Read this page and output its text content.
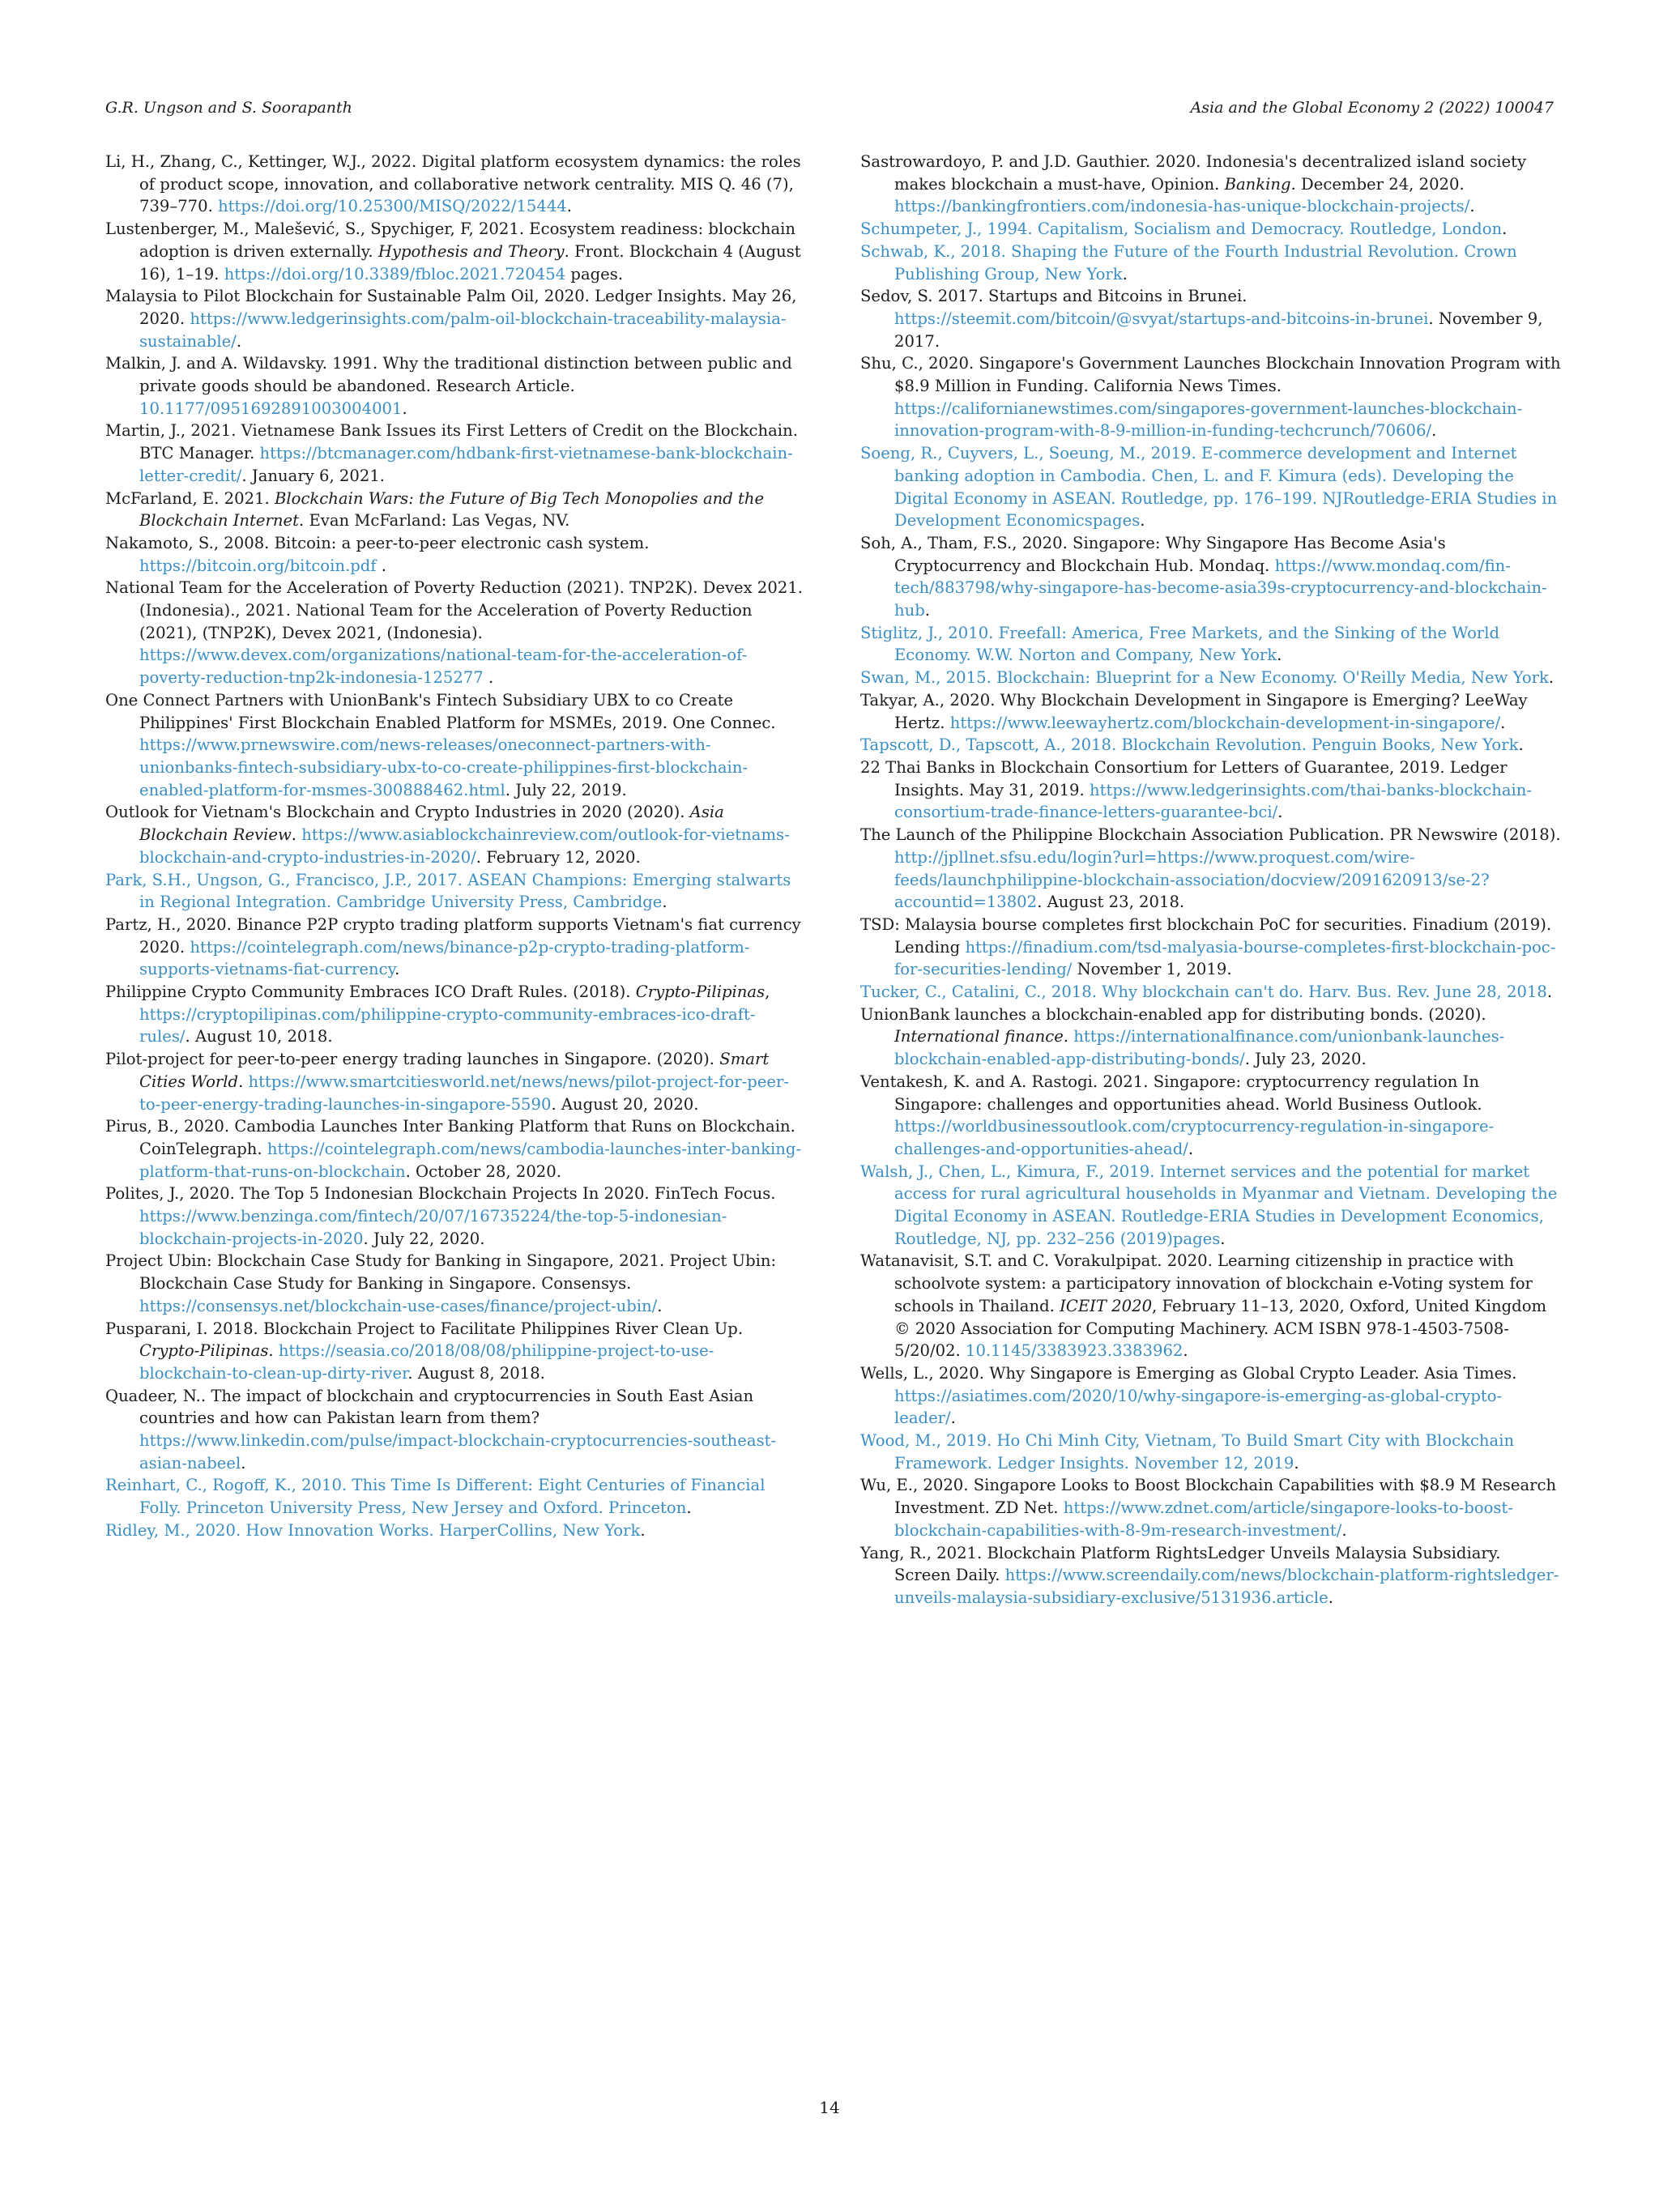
G.R. Ungson and S. Soorapanth	Asia and the Global Economy 2 (2022) 100047

Li, H., Zhang, C., Kettinger, W.J., 2022. Digital platform ecosystem dynamics: the roles of product scope, innovation, and collaborative network centrality. MIS Q. 46 (7), 739–770. https://doi.org/10.25300/MISQ/2022/15444.

Lustenberger, M., Malešević, S., Spychiger, F, 2021. Ecosystem readiness: blockchain adoption is driven externally. Hypothesis and Theory. Front. Blockchain 4 (August 16), 1–19. https://doi.org/10.3389/fbloc.2021.720454 pages.

Malaysia to Pilot Blockchain for Sustainable Palm Oil, 2020. Ledger Insights. May 26, 2020. https://www.ledgerinsights.com/palm-oil-blockchain-traceability-malaysia-sustainable/.

Malkin, J. and A. Wildavsky. 1991. Why the traditional distinction between public and private goods should be abandoned. Research Article. 10.1177/0951692891003004001.

Martin, J., 2021. Vietnamese Bank Issues its First Letters of Credit on the Blockchain. BTC Manager. https://btcmanager.com/hdbank-first-vietnamese-bank-blockchain-letter-credit/. January 6, 2021.

McFarland, E. 2021. Blockchain Wars: the Future of Big Tech Monopolies and the Blockchain Internet. Evan McFarland: Las Vegas, NV.

Nakamoto, S., 2008. Bitcoin: a peer-to-peer electronic cash system. https://bitcoin.org/bitcoin.pdf .

National Team for the Acceleration of Poverty Reduction (2021). TNP2K). Devex 2021. (Indonesia)., 2021. National Team for the Acceleration of Poverty Reduction (2021), (TNP2K), Devex 2021, (Indonesia). https://www.devex.com/organizations/national-team-for-the-acceleration-of-poverty-reduction-tnp2k-indonesia-125277 .

One Connect Partners with UnionBank's Fintech Subsidiary UBX to co Create Philippines' First Blockchain Enabled Platform for MSMEs, 2019. One Connec. https://www.prnewswire.com/news-releases/oneconnect-partners-with-unionbanks-fintech-subsidiary-ubx-to-co-create-philippines-first-blockchain-enabled-platform-for-msmes-300888462.html. July 22, 2019.

Outlook for Vietnam's Blockchain and Crypto Industries in 2020 (2020). Asia Blockchain Review. https://www.asiablockchainreview.com/outlook-for-vietnams-blockchain-and-crypto-industries-in-2020/. February 12, 2020.

Park, S.H., Ungson, G., Francisco, J.P., 2017. ASEAN Champions: Emerging stalwarts in Regional Integration. Cambridge University Press, Cambridge.

Partz, H., 2020. Binance P2P crypto trading platform supports Vietnam's fiat currency 2020. https://cointelegraph.com/news/binance-p2p-crypto-trading-platform-supports-vietnams-fiat-currency.

Philippine Crypto Community Embraces ICO Draft Rules. (2018). Crypto-Pilipinas, https://cryptopilipinas.com/philippine-crypto-community-embraces-ico-draft-rules/. August 10, 2018.

Pilot-project for peer-to-peer energy trading launches in Singapore. (2020). Smart Cities World. https://www.smartcitiesworld.net/news/news/pilot-project-for-peer-to-peer-energy-trading-launches-in-singapore-5590. August 20, 2020.

Pirus, B., 2020. Cambodia Launches Inter Banking Platform that Runs on Blockchain. CoinTelegraph. https://cointelegraph.com/news/cambodia-launches-inter-banking-platform-that-runs-on-blockchain. October 28, 2020.

Polites, J., 2020. The Top 5 Indonesian Blockchain Projects In 2020. FinTech Focus. https://www.benzinga.com/fintech/20/07/16735224/the-top-5-indonesian-blockchain-projects-in-2020. July 22, 2020.

Project Ubin: Blockchain Case Study for Banking in Singapore, 2021. Project Ubin: Blockchain Case Study for Banking in Singapore. Consensys. https://consensys.net/blockchain-use-cases/finance/project-ubin/.

Pusparani, I. 2018. Blockchain Project to Facilitate Philippines River Clean Up. Crypto-Pilipinas. https://seasia.co/2018/08/08/philippine-project-to-use-blockchain-to-clean-up-dirty-river. August 8, 2018.

Quadeer, N.. The impact of blockchain and cryptocurrencies in South East Asian countries and how can Pakistan learn from them? https://www.linkedin.com/pulse/impact-blockchain-cryptocurrencies-southeast-asian-nabeel.

Reinhart, C., Rogoff, K., 2010. This Time Is Different: Eight Centuries of Financial Folly. Princeton University Press, New Jersey and Oxford. Princeton.

Ridley, M., 2020. How Innovation Works. HarperCollins, New York.

Sastrowardoyo, P. and J.D. Gauthier. 2020. Indonesia's decentralized island society makes blockchain a must-have, Opinion. Banking. December 24, 2020. https://bankingfrontiers.com/indonesia-has-unique-blockchain-projects/.

Schumpeter, J., 1994. Capitalism, Socialism and Democracy. Routledge, London.

Schwab, K., 2018. Shaping the Future of the Fourth Industrial Revolution. Crown Publishing Group, New York.

Sedov, S. 2017. Startups and Bitcoins in Brunei. https://steemit.com/bitcoin/@svyat/startups-and-bitcoins-in-brunei. November 9, 2017.

Shu, C., 2020. Singapore's Government Launches Blockchain Innovation Program with $8.9 Million in Funding. California News Times. https://californianewstimes.com/singapores-government-launches-blockchain-innovation-program-with-8-9-million-in-funding-techcrunch/70606/.

Soeng, R., Cuyvers, L., Soeung, M., 2019. E-commerce development and Internet banking adoption in Cambodia. Chen, L. and F. Kimura (eds). Developing the Digital Economy in ASEAN. Routledge, pp. 176–199. NJRoutledge-ERIA Studies in Development Economicspages.

Soh, A., Tham, F.S., 2020. Singapore: Why Singapore Has Become Asia's Cryptocurrency and Blockchain Hub. Mondaq. https://www.mondaq.com/fin-tech/883798/why-singapore-has-become-asia39s-cryptocurrency-and-blockchain-hub.

Stiglitz, J., 2010. Freefall: America, Free Markets, and the Sinking of the World Economy. W.W. Norton and Company, New York.

Swan, M., 2015. Blockchain: Blueprint for a New Economy. O'Reilly Media, New York.

Takyar, A., 2020. Why Blockchain Development in Singapore is Emerging? LeeWay Hertz. https://www.leewayhertz.com/blockchain-development-in-singapore/.

Tapscott, D., Tapscott, A., 2018. Blockchain Revolution. Penguin Books, New York.

22 Thai Banks in Blockchain Consortium for Letters of Guarantee, 2019. Ledger Insights. May 31, 2019. https://www.ledgerinsights.com/thai-banks-blockchain-consortium-trade-finance-letters-guarantee-bci/.

The Launch of the Philippine Blockchain Association Publication. PR Newswire (2018). http://jpllnet.sfsu.edu/login?url=https://www.proquest.com/wire-feeds/launchphilippine-blockchain-association/docview/2091620913/se-2?accountid=13802. August 23, 2018.

TSD: Malaysia bourse completes first blockchain PoC for securities. Finadium (2019). Lending https://finadium.com/tsd-malyasia-bourse-completes-first-blockchain-poc-for-securities-lending/ November 1, 2019.

Tucker, C., Catalini, C., 2018. Why blockchain can't do. Harv. Bus. Rev. June 28, 2018.

UnionBank launches a blockchain-enabled app for distributing bonds. (2020). International finance. https://internationalfinance.com/unionbank-launches-blockchain-enabled-app-distributing-bonds/. July 23, 2020.

Ventakesh, K. and A. Rastogi. 2021. Singapore: cryptocurrency regulation In Singapore: challenges and opportunities ahead. World Business Outlook. https://worldbusinessoutlook.com/cryptocurrency-regulation-in-singapore-challenges-and-opportunities-ahead/.

Walsh, J., Chen, L., Kimura, F., 2019. Internet services and the potential for market access for rural agricultural households in Myanmar and Vietnam. Developing the Digital Economy in ASEAN. Routledge-ERIA Studies in Development Economics, Routledge, NJ, pp. 232–256 (2019)pages.

Watanavisit, S.T. and C. Vorakulpipat. 2020. Learning citizenship in practice with schoolvote system: a participatory innovation of blockchain e-Voting system for schools in Thailand. ICEIT 2020, February 11–13, 2020, Oxford, United Kingdom © 2020 Association for Computing Machinery. ACM ISBN 978-1-4503-7508-5/20/02. 10.1145/3383923.3383962.

Wells, L., 2020. Why Singapore is Emerging as Global Crypto Leader. Asia Times. https://asiatimes.com/2020/10/why-singapore-is-emerging-as-global-crypto-leader/.

Wood, M., 2019. Ho Chi Minh City, Vietnam, To Build Smart City with Blockchain Framework. Ledger Insights. November 12, 2019.

Wu, E., 2020. Singapore Looks to Boost Blockchain Capabilities with $8.9 M Research Investment. ZD Net. https://www.zdnet.com/article/singapore-looks-to-boost-blockchain-capabilities-with-8-9m-research-investment/.

Yang, R., 2021. Blockchain Platform RightsLedger Unveils Malaysia Subsidiary. Screen Daily. https://www.screendaily.com/news/blockchain-platform-rightsledger-unveils-malaysia-subsidiary-exclusive/5131936.article.

14
